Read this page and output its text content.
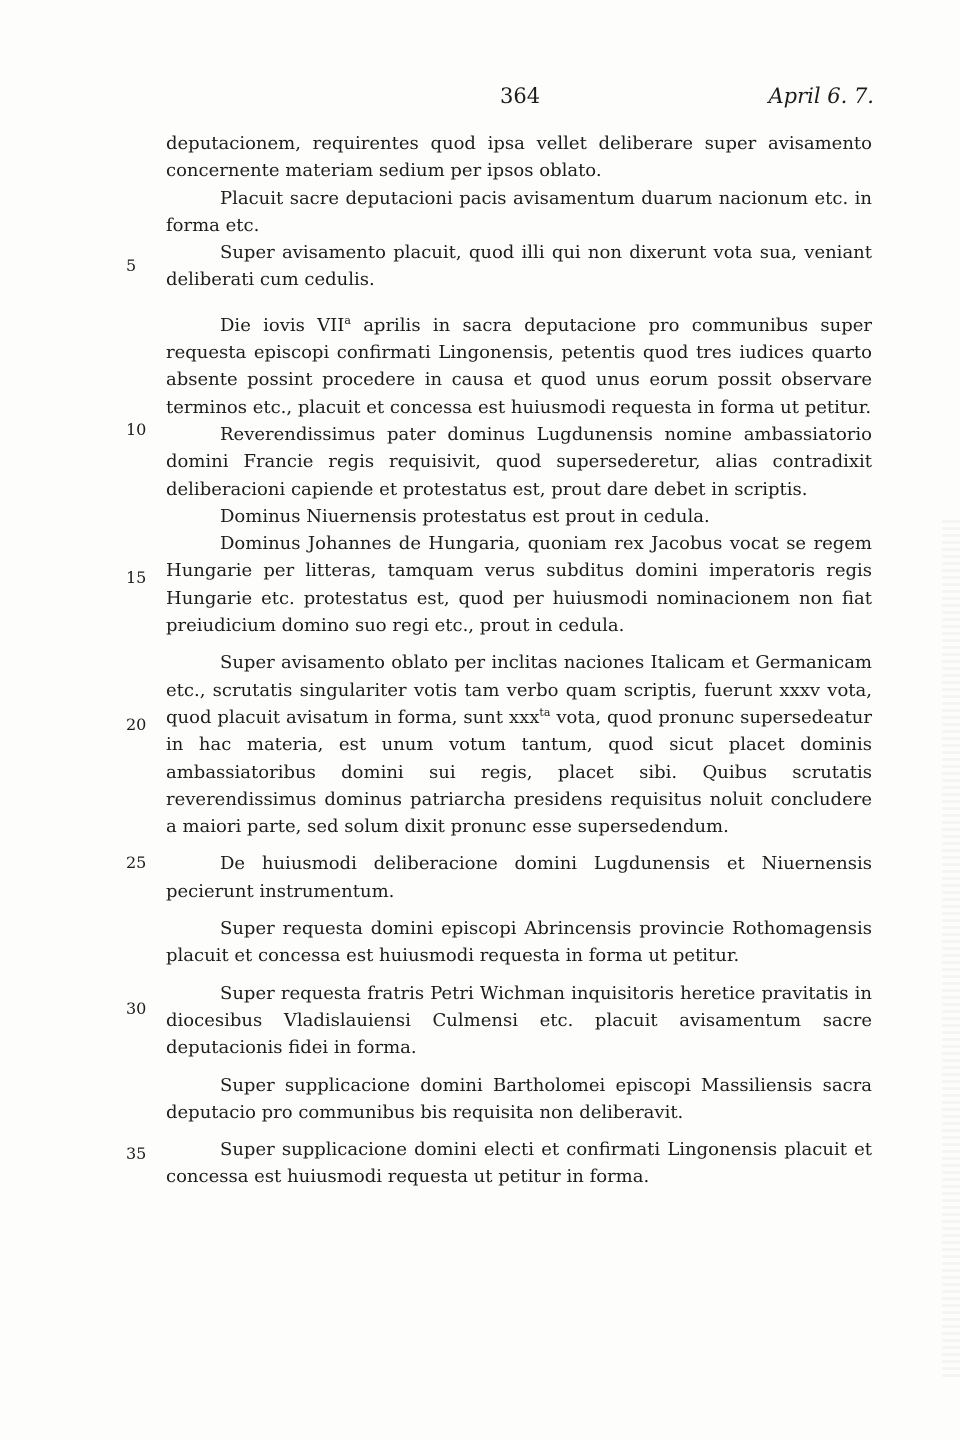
364	April 6. 7.
5
10
15
20
25
30
35

deputacionem, requirentes quod ipsa vellet deliberare super avisamento concernente materiam sedium per ipsos oblato.

Placuit sacre deputacioni pacis avisamentum duarum nacionum etc. in forma etc.

Super avisamento placuit, quod illi qui non dixerunt vota sua, veniant deliberati cum cedulis.

Die iovis VII$^a$ aprilis in sacra deputacione pro communibus super requesta episcopi confirmati Lingonensis, petentis quod tres iudices quarto absente possint procedere in causa et quod unus eorum possit observare terminos etc., placuit et concessa est huiusmodi requesta in forma ut petitur.

Reverendissimus pater dominus Lugdunensis nomine ambassiatorio domini Francie regis requisivit, quod supersederetur, alias contradixit deliberacioni capiende et protestatus est, prout dare debet in scriptis.

Dominus Niuernensis protestatus est prout in cedula.

Dominus Johannes de Hungaria, quoniam rex Jacobus vocat se regem Hungarie per litteras, tamquam verus subditus domini imperatoris regis Hungarie etc. protestatus est, quod per huiusmodi nominacionem non fiat preiudicium domino suo regi etc., prout in cedula.

Super avisamento oblato per inclitas naciones Italicam et Germanicam etc., scrutatis singulariter votis tam verbo quam scriptis, fuerunt xxxv vota, quod placuit avisatum in forma, sunt xxx$^{ta}$ vota, quod pronunc supersedeatur in hac materia, est unum votum tantum, quod sicut placet dominis ambassiatoribus domini sui regis, placet sibi. Quibus scrutatis reverendissimus dominus patriarcha presidens requisitus noluit concludere a maiori parte, sed solum dixit pronunc esse supersedendum.

De huiusmodi deliberacione domini Lugdunensis et Niuernensis pecierunt instrumentum.

Super requesta domini episcopi Abrincensis provincie Rothomagensis placuit et concessa est huiusmodi requesta in forma ut petitur.

Super requesta fratris Petri Wichman inquisitoris heretice pravitatis in diocesibus Vladislauiensi Culmensi etc. placuit avisamentum sacre deputacionis fidei in forma.

Super supplicacione domini Bartholomei episcopi Massiliensis sacra deputacio pro communibus bis requisita non deliberavit.

Super supplicacione domini electi et confirmati Lingonensis placuit et concessa est huiusmodi requesta ut petitur in forma.
